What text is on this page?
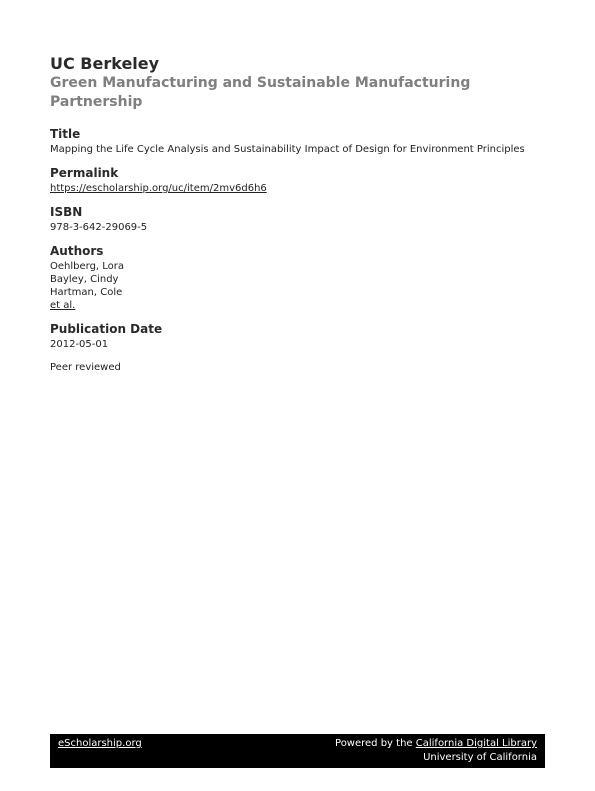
UC Berkeley

Green Manufacturing and Sustainable Manufacturing Partnership

Title
Mapping the Life Cycle Analysis and Sustainability Impact of Design for Environment Principles
Permalink
https://escholarship.org/uc/item/2mv6d6h6
ISBN
978-3-642-29069-5
Authors
Oehlberg, Lora
Bayley, Cindy
Hartman, Cole
et al.
Publication Date
2012-05-01
Peer reviewed
eScholarship.org	Powered by the California Digital Library
University of California
